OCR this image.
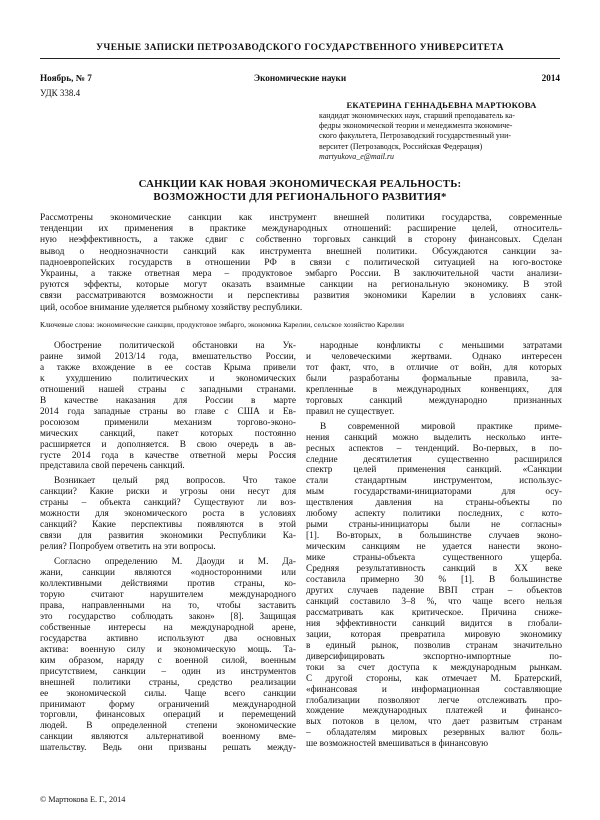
УЧЕНЫЕ ЗАПИСКИ ПЕТРОЗАВОДСКОГО ГОСУДАРСТВЕННОГО УНИВЕРСИТЕТА
Ноябрь, № 7	Экономические науки	2014
УДК 338.4
ЕКАТЕРИНА ГЕННАДЬЕВНА МАРТЮКОВА
кандидат экономических наук, старший преподаватель ка-
федры экономической теории и менеджмента экономиче-
ского факультета, Петрозаводский государственный уни-
верситет (Петрозаводск, Российская Федерация)
martyukova_e@mail.ru
САНКЦИИ КАК НОВАЯ ЭКОНОМИЧЕСКАЯ РЕАЛЬНОСТЬ:
ВОЗМОЖНОСТИ ДЛЯ РЕГИОНАЛЬНОГО РАЗВИТИЯ*
Рассмотрены экономические санкции как инструмент внешней политики государства, современные
тенденции их применения в практике международных отношений: расширение целей, относитель-
ную неэффективность, а также сдвиг с собственно торговых санкций в сторону финансовых. Сделан
вывод о неоднозначности санкций как инструмента внешней политики. Обсуждаются санкции за-
падноевропейских государств в отношении РФ в связи с политической ситуацией на юго-востоке
Украины, а также ответная мера – продуктовое эмбарго России. В заключительной части анализи-
руются эффекты, которые могут оказать взаимные санкции на региональную экономику. В этой
связи рассматриваются возможности и перспективы развития экономики Карелии в условиях санк-
ций, особое внимание уделяется рыбному хозяйству республики.
Ключевые слова: экономические санкции, продуктовое эмбарго, экономика Карелии, сельское хозяйство Карелии
Обострение политической обстановки на Ук-
раине зимой 2013/14 года, вмешательство России,
а также вхождение в ее состав Крыма привели
к ухудшению политических и экономических
отношений нашей страны с западными странами.
В качестве наказания для России в марте
2014 года западные страны во главе с США и Ев-
росоюзом применили механизм торгово-эконо-
мических санкций, пакет которых постоянно
расширяется и дополняется. В свою очередь в ав-
густе 2014 года в качестве ответной меры Россия
представила свой перечень санкций.
Возникает целый ряд вопросов. Что такое
санкции? Какие риски и угрозы они несут для
страны – объекта санкций? Существуют ли воз-
можности для экономического роста в условиях
санкций? Какие перспективы появляются в этой
связи для развития экономики Республики Ка-
релия? Попробуем ответить на эти вопросы.
Согласно определению М. Даоуди и М. Да-
жани, санкции являются «односторонними или
коллективными действиями против страны, ко-
торую считают нарушителем международного
права, направленными на то, чтобы заставить
это государство соблюдать закон» [8]. Защищая
собственные интересы на международной арене,
государства активно используют два основных
актива: военную силу и экономическую мощь. Та-
ким образом, наряду с военной силой, военным
присутствием, санкции – один из инструментов
внешней политики страны, средство реализации
ее экономической силы. Чаще всего санкции
принимают форму ограничений международной
торговли, финансовых операций и перемещений
людей. В определенной степени экономические
санкции являются альтернативой военному вме-
шательству. Ведь они призваны решать между-
народные конфликты с меньшими затратами
и человеческими жертвами. Однако интересен
тот факт, что, в отличие от войн, для которых
были разработаны формальные правила, за-
крепленные в международных конвенциях, для
торговых санкций международно признанных
правил не существует.
В современной мировой практике приме-
нения санкций можно выделить несколько инте-
ресных аспектов – тенденций. Во-первых, в по-
следние десятилетия существенно расширился
спектр целей применения санкций. «Санкции
стали стандартным инструментом, использус-
мым государствами-инициаторами для осу-
ществления давления на страны-объекты по
любому аспекту политики последних, с кото-
рыми страны-инициаторы были не согласны»
[1]. Во-вторых, в большинстве случаев эконо-
мическим санкциям не удается нанести эконо-
мике страны-объекта существенного ущерба.
Средняя результативность санкций в XX веке
составила примерно 30 % [1]. В большинстве
других случаев падение ВВП стран – объектов
санкций составило 3–8 %, что чаще всего нельзя
рассматривать как критическое. Причина сниже-
ния эффективности санкций видится в глобали-
зации, которая превратила мировую экономику
в единый рынок, позволив странам значительно
диверсифицировать экспортно-импортные по-
токи за счет доступа к международным рынкам.
С другой стороны, как отмечает М. Братерский,
«финансовая и информационная составляющие
глобализации позволяют легче отслеживать про-
хождение международных платежей и финансо-
вых потоков в целом, что дает развитым странам
– обладателям мировых резервных валют боль-
ше возможностей вмешиваться в финансовую
© Мартюкова Е. Г., 2014
